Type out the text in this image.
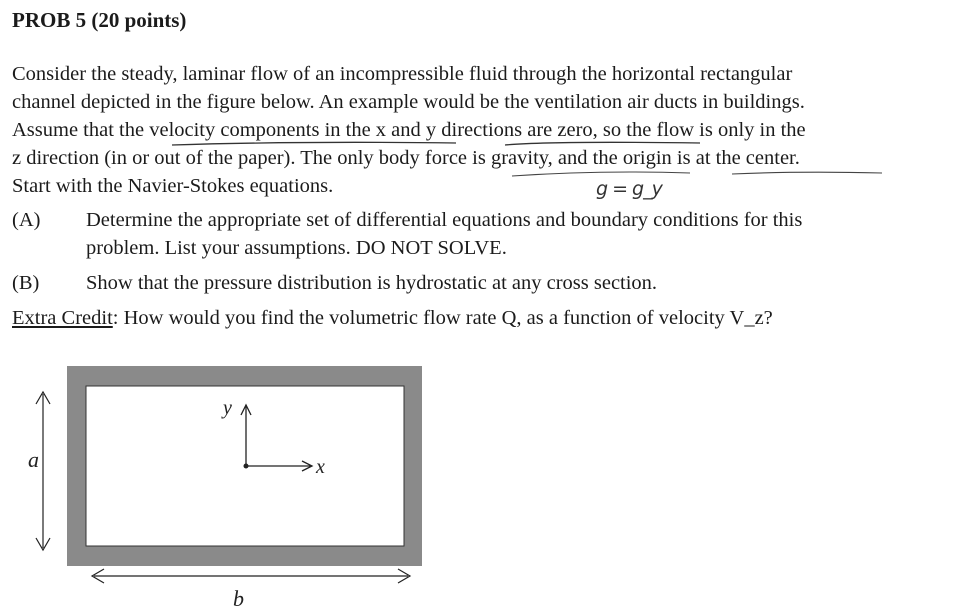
PROB 5 (20 points)

Consider the steady, laminar flow of an incompressible fluid through the horizontal rectangular
channel depicted in the figure below. An example would be the ventilation air ducts in buildings.
Assume that the velocity components in the x and y directions are zero, so the flow is only in the
z direction (in or out of the paper). The only body force is gravity, and the origin is at the center.
Start with the Navier-Stokes equations.	g = g_y
(A) Determine the appropriate set of differential equations and boundary conditions for this
problem. List your assumptions. DO NOT SOLVE.
(B) Show that the pressure distribution is hydrostatic at any cross section.
Extra Credit: How would you find the volumetric flow rate Q, as a function of velocity V_z?
a
b
y
x
